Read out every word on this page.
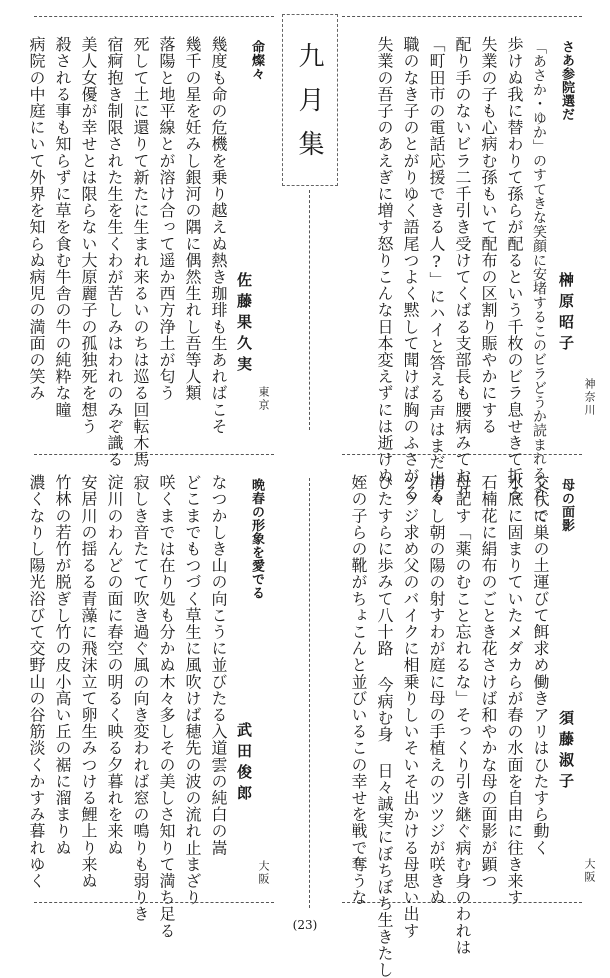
九月集	さあ参院選だ
榊原昭子
神奈川
「あさか・ゆか」のすてきな笑顔に安堵するこのビラどうか読まれるように
歩けぬ我に替わりて孫らが配るという千枚のビラ息せきて折る
失業の子も心病む孫もいて配布の区割り賑やかにする
配り手のないビラ二千引き受けてくばる支部長も腰病みており
「町田市の電話応援できる人?」にハイと答える声はまだ出る
職のなき子のとがりゆく語尾つよく黙して聞けば胸のふさがる
失業の吾子のあえぎに増す怒りこんな日本変えずには逝けぬ
命燦々
佐藤果久実
東京
幾度も命の危機を乗り越えぬ熱き珈琲も生あればこそ
幾千の星を妊みし銀河の隅に偶然生れし吾等人類
落陽と地平線とが溶け合って遥か西方浄土が匂う
死して土に還りて新たに生まれ来るいのちは巡る回転木馬
宿痾抱き制限された生を生くわが苦しみはわれのみぞ識る
美人女優が幸せとは限らない大原麗子の孤独死を想う
殺される事も知らずに草を食む牛舎の牛の純粋な瞳
病院の中庭にいて外界を知らぬ病児の満面の笑み
母の面影
須藤淑子
大阪
交代で巣の土運びて餌求め働きアリはひたすら動く
水底に固まりていたメダカらが春の水面を自由に往き来す
石楠花に絹布のごとき花さけば和やかな母の面影が顕つ
母記す「薬のむこと忘れるな」そっくり引き継ぐ病む身のわれは
清々し朝の陽の射すわが庭に母の手植えのツツジが咲きぬ
ツツジ求め父のバイクに相乗りしいそいそ出かける母思い出す
ひたすらに歩みて八十路 今病む身 日々誠実にぼちぼち生きたし
姪の子らの靴がちょこんと並びいるこの幸せを戦で奪うな
晩春の形象を愛でる
武田俊郎
大阪
なつかしき山の向こうに並びたる入道雲の純白の嵩
どこまでもつづく草生に風吹けば穂先の波の流れ止まざり
咲くまでは在り処も分かぬ木々多しその美しさ知りて満ち足る
寂しき音たてて吹き過ぐ風の向き変われば窓の鳴りも弱りき
淀川のわんどの面に春空の明るく映る夕暮れを来ぬ
安居川の揺るる青藻に飛沫立て卵生みつける鯉上り来ぬ
竹林の若竹が脱ぎし竹の皮小高い丘の裾に溜まりぬ
濃くなりし陽光浴びて交野山の谷筋淡くかすみ暮れゆく
(23)
